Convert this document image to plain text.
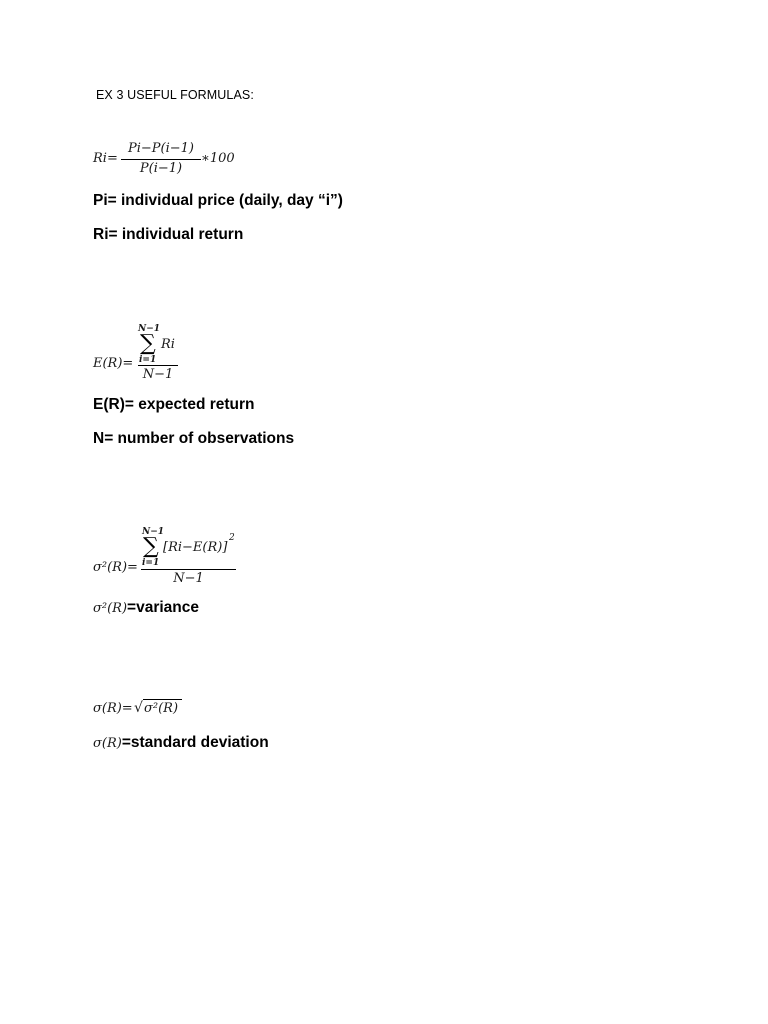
EX 3 USEFUL FORMULAS:
Ri=
Pi−P(i−1)
P(i−1)
∗100
Pi= individual price (daily, day “i”)
Ri= individual return
E(R)=
N−1
∑ Ri
i=1
N−1
E(R)= expected return
N= number of observations
σ²(R)=
N−1
∑ [Ri−E(R)]
2
i=1
N−1
σ²(R)=variance
σ(R)= √ σ²(R)
σ(R)=standard deviation
